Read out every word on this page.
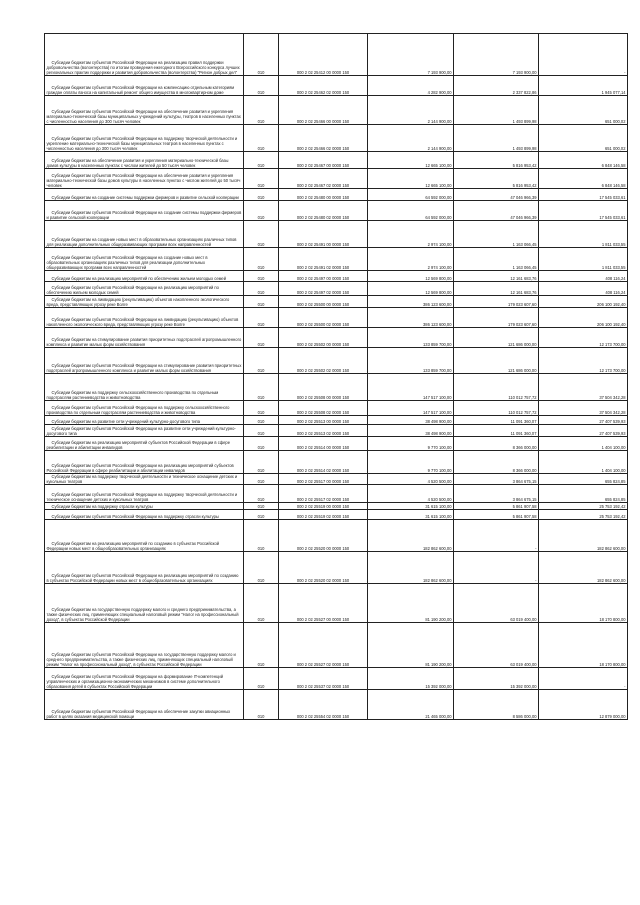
Субсидии бюджетам субъектов Российской Федерации на реализацию правил поддержки добровольчества (волонтерства) по итогам проведения ежегодного Всероссийского конкурса лучших региональных практик поддержки и развития добровольчества (волонтерства) "Регион добрых дел"	010	000 2 02 25412 00 0000 150	7 193 900,00	7 193 900,00	-
Субсидии бюджетам субъектов Российской Федерации на компенсацию отдельным категориям граждан оплаты взноса на капитальный ремонт общего имущества в многоквартирном доме	010	000 2 02 25462 02 0000 150	4 282 900,00	2 337 822,86	1 945 077,14
Субсидии бюджетам субъектов Российской Федерации на обеспечение развития и укрепления материально-технической базы муниципальных учреждений культуры, театров в населенных пунктах с численностью населения до 300 тысяч человек	010	000 2 02 25466 00 0000 150	2 144 900,00	1 493 899,98	651 000,02
Субсидии бюджетам субъектов Российской Федерации на поддержку творческой деятельности и укрепление материально-технической базы муниципальных театров в населенных пунктах с численностью населения до 300 тысяч человек	010	000 2 02 25466 02 0000 150	2 144 900,00	1 493 899,98	651 000,02
Субсидии бюджетам на обеспечение развития и укрепления материально-технической базы домов культуры в населенных пунктах с числом жителей до 50 тысяч человек	010	000 2 02 25467 00 0000 150	12 665 100,00	5 816 953,42	6 848 146,58
Субсидии бюджетам субъектов Российской Федерации на обеспечение развития и укрепления материально-технической базы домов культуры в населенных пунктах с числом жителей до 50 тысяч человек	010	000 2 02 25467 02 0000 150	12 665 100,00	5 816 953,42	6 848 146,58
Субсидии бюджетам на создание системы поддержки фермеров и развитие сельской кооперации	010	000 2 02 25480 00 0000 150	64 592 000,00	47 046 966,39	17 545 033,61
Субсидии бюджетам субъектов Российской Федерации на создание системы поддержки фермеров и развитие сельской кооперации	010	000 2 02 25480 02 0000 150	64 592 000,00	47 046 966,39	17 545 033,61
Субсидии бюджетам на создание новых мест в образовательных организациях различных типов для реализации дополнительных общеразвивающих программ всех направленностей	010	000 2 02 25491 00 0000 150	2 974 100,00	1 163 066,45	1 811 033,55
Субсидии бюджетам субъектов Российской Федерации на создание новых мест в образовательных организациях различных типов для реализации дополнительных общеразвивающих программ всех направленностей	010	000 2 02 25491 02 0000 150	2 974 100,00	1 163 066,45	1 811 033,55
Субсидии бюджетам на реализацию мероприятий по обеспечению жильем молодых семей	010	000 2 02 25497 00 0000 150	12 569 800,00	12 161 683,76	408 116,24
Субсидии бюджетам субъектов Российской Федерации на реализацию мероприятий по обеспечению жильем молодых семей	010	000 2 02 25497 02 0000 150	12 569 800,00	12 161 683,76	408 116,24
Субсидии бюджетам на ликвидацию (рекультивацию) объектов накопленного экологического вреда, представляющих угрозу реке Волге	010	000 2 02 25500 00 0000 150	386 123 600,00	179 023 607,60	206 100 192,40
Субсидии бюджетам субъектов Российской Федерации на ликвидацию (рекультивацию) объектов накопленного экологического вреда, представляющих угрозу реке Волге	010	000 2 02 25500 02 0000 150	386 123 600,00	179 023 607,60	206 100 192,40
Субсидии бюджетам на стимулирование развития приоритетных подотраслей агропромышленного комплекса и развитие малых форм хозяйствования	010	000 2 02 25502 00 0000 150	133 859 700,00	121 686 000,00	12 173 700,00
Субсидии бюджетам субъектов Российской Федерации на стимулирование развития приоритетных подотраслей агропромышленного комплекса и развитие малых форм хозяйствования	010	000 2 02 25502 02 0000 150	133 859 700,00	121 686 000,00	12 173 700,00
Субсидии бюджетам на поддержку сельскохозяйственного производства по отдельным подотраслям растениеводства и животноводства	010	000 2 02 25508 00 0000 150	147 517 100,00	110 012 757,72	37 504 342,28
Субсидии бюджетам субъектов Российской Федерации на поддержку сельскохозяйственного производства по отдельным подотраслям растениеводства и животноводства	010	000 2 02 25508 02 0000 150	147 517 100,00	110 012 757,72	37 504 342,28
Субсидии бюджетам на развитие сети учреждений культурно-досугового типа	010	000 2 02 25513 00 0000 150	38 498 900,00	11 091 360,07	27 407 539,93
Субсидии бюджетам субъектов Российской Федерации на развитие сети учреждений культурно-досугового типа	010	000 2 02 25513 02 0000 150	38 498 900,00	11 091 360,07	27 407 539,93
Субсидии бюджетам на реализацию мероприятий субъектов Российской Федерации в сфере реабилитации и абилитации инвалидов	010	000 2 02 25514 00 0000 150	9 770 100,00	8 366 000,00	1 404 100,00
Субсидии бюджетам субъектов Российской Федерации на реализацию мероприятий субъектов Российской Федерации в сфере реабилитации и абилитации инвалидов	010	000 2 02 25514 02 0000 150	9 770 100,00	8 366 000,00	1 404 100,00
Субсидии бюджетам на поддержку творческой деятельности и техническое оснащение детских и кукольных театров	010	000 2 02 25517 00 0000 150	4 520 500,00	3 864 675,15	655 824,85
Субсидии бюджетам субъектов Российской Федерации на поддержку творческой деятельности и техническое оснащение детских и кукольных театров	010	000 2 02 25517 02 0000 150	4 520 500,00	3 864 675,15	655 824,85
Субсидии бюджетам на поддержку отрасли культуры	010	000 2 02 25519 00 0000 150	31 615 100,00	5 861 907,58	25 753 192,42
Субсидии бюджетам субъектов Российской Федерации на поддержку отрасли культуры	010	000 2 02 25519 02 0000 150	31 615 100,00	5 861 907,58	25 753 192,42
Субсидии бюджетам на реализацию мероприятий по созданию в субъектах Российской Федерации новых мест в общеобразовательных организациях	010	000 2 02 25520 00 0000 150	182 862 600,00	-	182 862 600,00
Субсидии бюджетам субъектов Российской Федерации на реализацию мероприятий по созданию в субъектах Российской Федерации новых мест в общеобразовательных организациях	010	000 2 02 25520 02 0000 150	182 862 600,00	-	182 862 600,00
Субсидии бюджетам на государственную поддержку малого и среднего предпринимательства, а также физических лиц, применяющих специальный налоговый режим "Налог на профессиональный доход", в субъектах Российской Федерации	010	000 2 02 25527 00 0000 150	81 190 200,00	63 019 400,00	18 170 800,00
Субсидии бюджетам субъектов Российской Федерации на государственную поддержку малого и среднего предпринимательства, а также физических лиц, применяющих специальный налоговый режим "Налог на профессиональный доход", в субъектах Российской Федерации	010	000 2 02 25527 02 0000 150	81 190 200,00	63 019 400,00	18 170 800,00
Субсидии бюджетам субъектов Российской Федерации на формирование IT-компетенций управленческих и организационно-экономических механизмов в системе дополнительного образования детей в субъектах Российской Федерации	010	000 2 02 25537 02 0000 150	15 392 000,00	15 392 000,00	-
Субсидии бюджетам субъектов Российской Федерации на обеспечение закупки авиационных работ в целях оказания медицинской помощи	010	000 2 02 25554 02 0000 150	21 465 000,00	8 586 000,00	12 879 000,00
